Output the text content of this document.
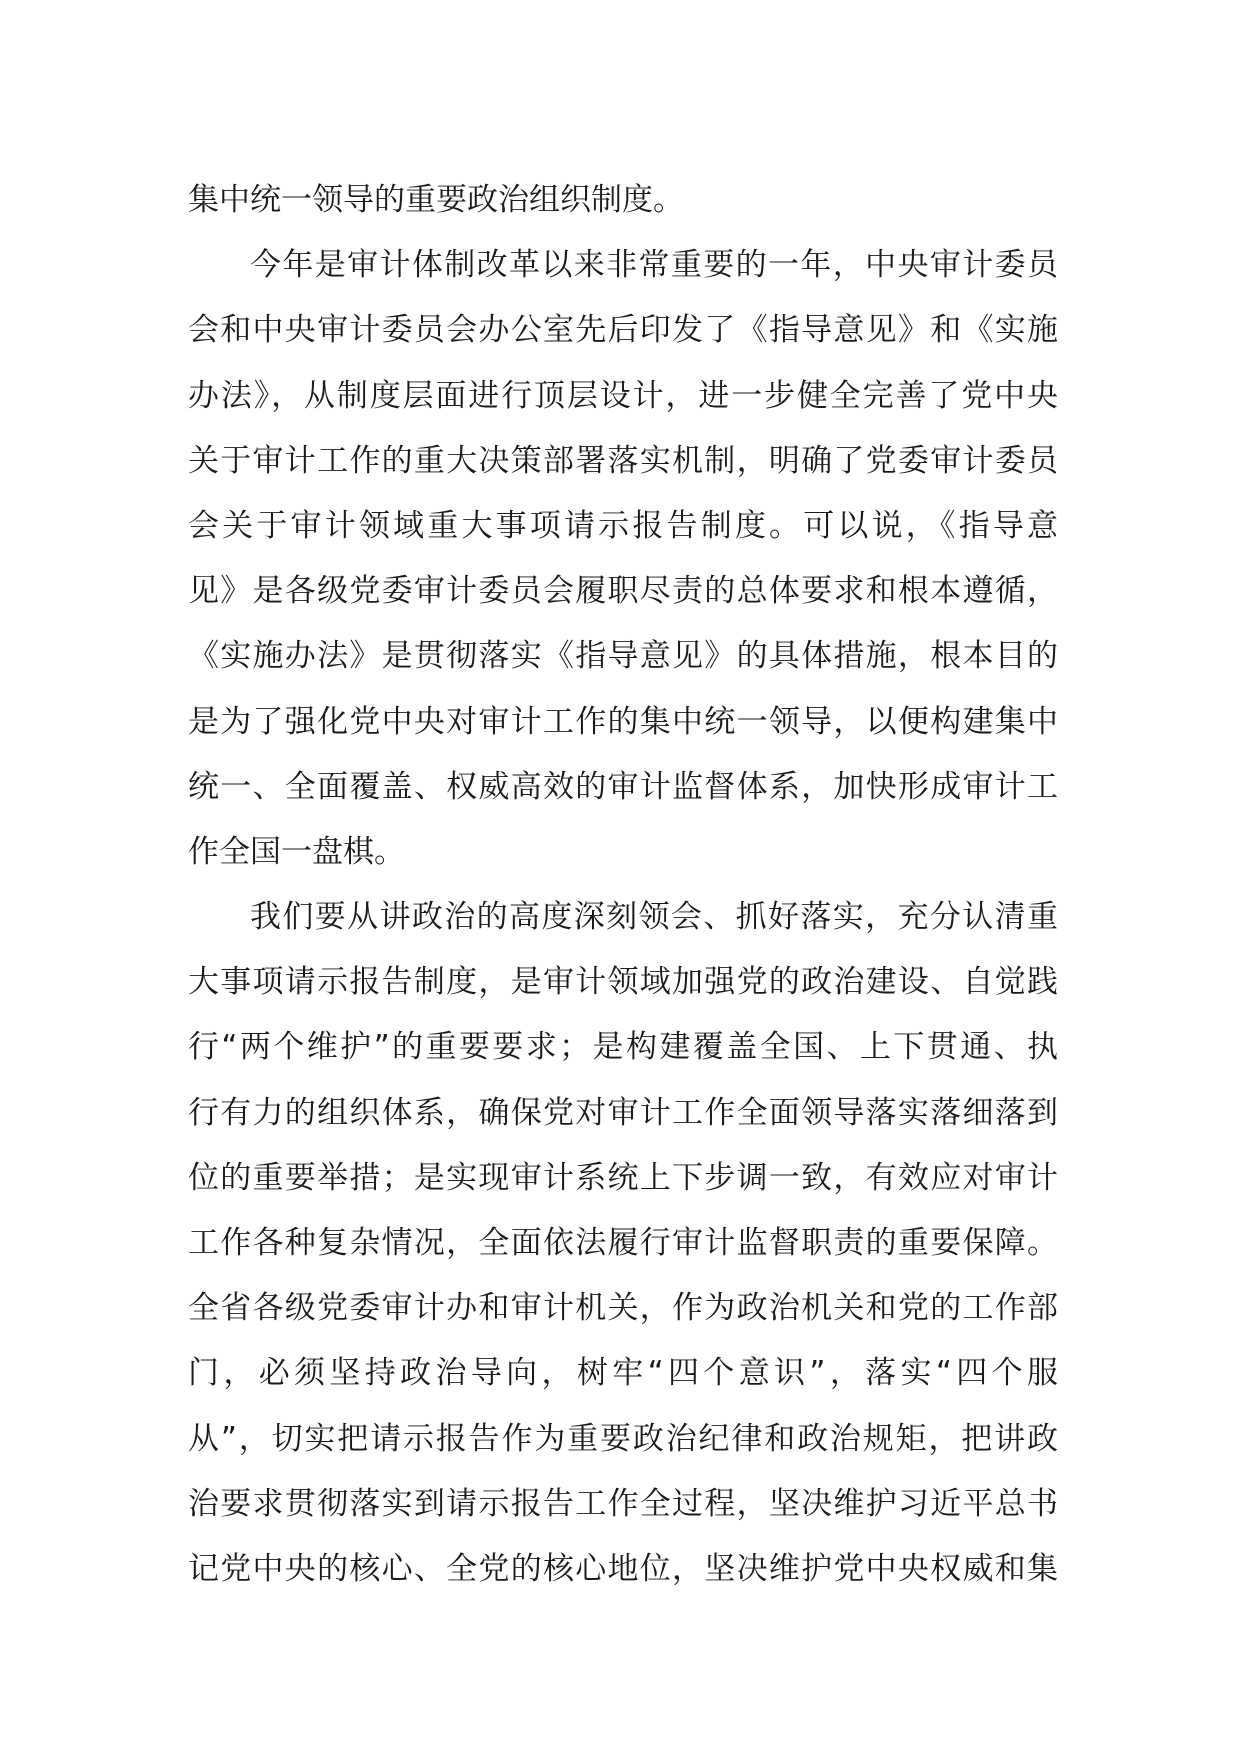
集中统一领导的重要政治组织制度。
今年是审计体制改革以来非常重要的一年，中央审计委员
会和中央审计委员会办公室先后印发了《指导意见》和《实施
办法》，从制度层面进行顶层设计，进一步健全完善了党中央
关于审计工作的重大决策部署落实机制，明确了党委审计委员
会关于审计领域重大事项请示报告制度。可以说，《指导意
见》是各级党委审计委员会履职尽责的总体要求和根本遵循，
《实施办法》是贯彻落实《指导意见》的具体措施，根本目的
是为了强化党中央对审计工作的集中统一领导，以便构建集中
统一、全面覆盖、权威高效的审计监督体系，加快形成审计工
作全国一盘棋。
我们要从讲政治的高度深刻领会、抓好落实，充分认清重
大事项请示报告制度，是审计领域加强党的政治建设、自觉践
行“两个维护”的重要要求；是构建覆盖全国、上下贯通、执
行有力的组织体系，确保党对审计工作全面领导落实落细落到
位的重要举措；是实现审计系统上下步调一致，有效应对审计
工作各种复杂情况，全面依法履行审计监督职责的重要保障。
全省各级党委审计办和审计机关，作为政治机关和党的工作部
门，必须坚持政治导向，树牢“四个意识”，落实“四个服
从”，切实把请示报告作为重要政治纪律和政治规矩，把讲政
治要求贯彻落实到请示报告工作全过程，坚决维护习近平总书
记党中央的核心、全党的核心地位，坚决维护党中央权威和集
